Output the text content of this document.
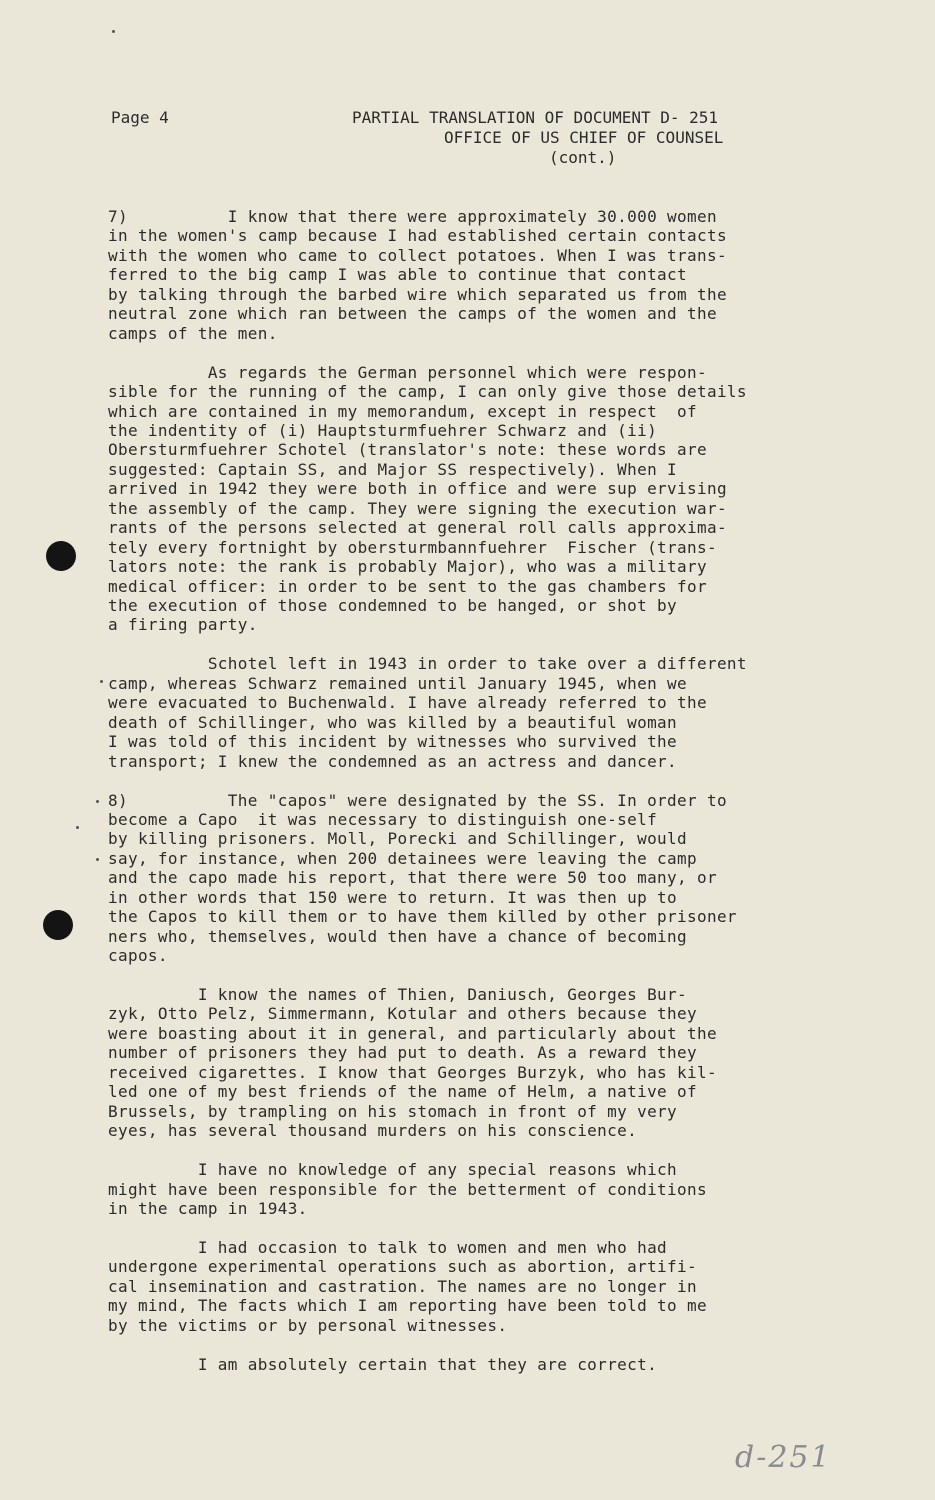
Page 4	PARTIAL TRANSLATION OF DOCUMENT D- 251
OFFICE OF US CHIEF OF COUNSEL
(cont.)
7)          I know that there were approximately 30.000 women
in the women's camp because I had established certain contacts
with the women who came to collect potatoes. When I was trans-
ferred to the big camp I was able to continue that contact
by talking through the barbed wire which separated us from the
neutral zone which ran between the camps of the women and the
camps of the men.
As regards the German personnel which were respon-
sible for the running of the camp, I can only give those details
which are contained in my memorandum, except in respect  of
the indentity of (i) Hauptsturmfuehrer Schwarz and (ii)
Obersturmfuehrer Schotel (translator's note: these words are
suggested: Captain SS, and Major SS respectively). When I
arrived in 1942 they were both in office and were sup ervising
the assembly of the camp. They were signing the execution war-
rants of the persons selected at general roll calls approxima-
tely every fortnight by obersturmbannfuehrer  Fischer (trans-
lators note: the rank is probably Major), who was a military
medical officer: in order to be sent to the gas chambers for
the execution of those condemned to be hanged, or shot by
a firing party.
Schotel left in 1943 in order to take over a different
camp, whereas Schwarz remained until January 1945, when we
were evacuated to Buchenwald. I have already referred to the
death of Schillinger, who was killed by a beautiful woman
I was told of this incident by witnesses who survived the
transport; I knew the condemned as an actress and dancer.
8)          The "capos" were designated by the SS. In order to
become a Capo  it was necessary to distinguish one-self
by killing prisoners. Moll, Porecki and Schillinger, would
say, for instance, when 200 detainees were leaving the camp
and the capo made his report, that there were 50 too many, or
in other words that 150 were to return. It was then up to
the Capos to kill them or to have them killed by other prisoner
ners who, themselves, would then have a chance of becoming
capos.
I know the names of Thien, Daniusch, Georges Bur-
zyk, Otto Pelz, Simmermann, Kotular and others because they
were boasting about it in general, and particularly about the
number of prisoners they had put to death. As a reward they
received cigarettes. I know that Georges Burzyk, who has kil-
led one of my best friends of the name of Helm, a native of
Brussels, by trampling on his stomach in front of my very
eyes, has several thousand murders on his conscience.
I have no knowledge of any special reasons which
might have been responsible for the betterment of conditions
in the camp in 1943.
I had occasion to talk to women and men who had
undergone experimental operations such as abortion, artifi-
cal insemination and castration. The names are no longer in
my mind, The facts which I am reporting have been told to me
by the victims or by personal witnesses.
I am absolutely certain that they are correct.
d-251
